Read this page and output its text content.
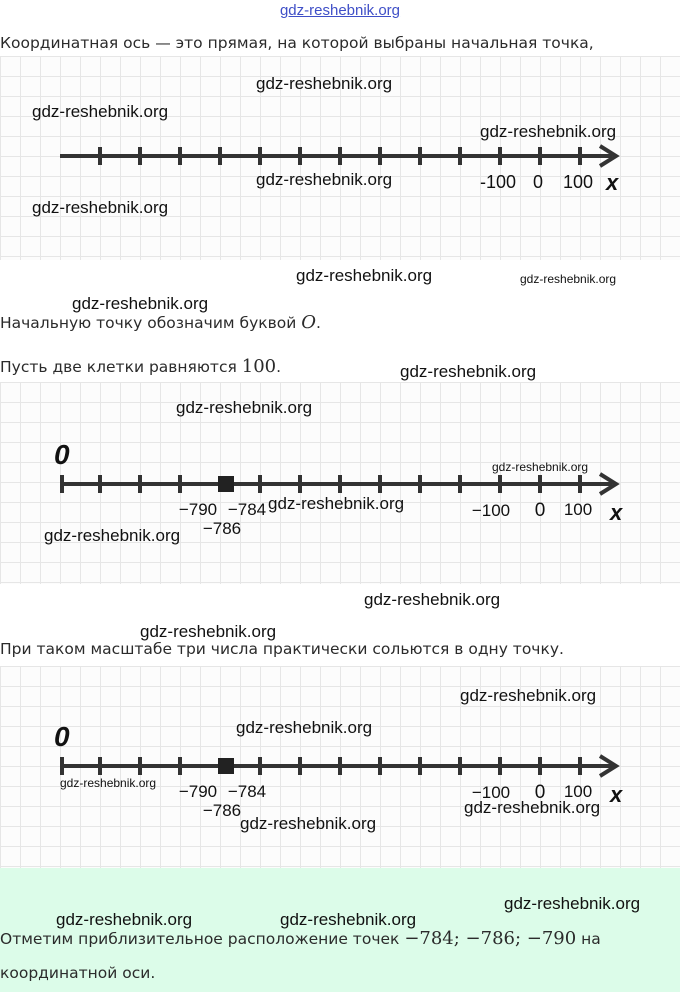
gdz-reshebnik.org
Координатная ось — это прямая, на которой выбраны начальная точка,
-100 0 100 x
Начальную точку обозначим буквой O.
Пусть две клетки равняются 100.
0
−790 −784
−786
−100 0 100 x
При таком масштабе три числа практически сольются в одну точку.
0
−790 −784
−786
−100 0 100 x
Отметим приблизительное расположение точек −784; −786; −790 на
координатной оси.
gdz-reshebnik.org
gdz-reshebnik.org
gdz-reshebnik.org
gdz-reshebnik.org
gdz-reshebnik.org
gdz-reshebnik.org	gdz-reshebnik.org
gdz-reshebnik.org
gdz-reshebnik.org
gdz-reshebnik.org
gdz-reshebnik.org
gdz-reshebnik.org
gdz-reshebnik.org
gdz-reshebnik.org
gdz-reshebnik.org
gdz-reshebnik.org
gdz-reshebnik.org
gdz-reshebnik.org
gdz-reshebnik.org
gdz-reshebnik.org
gdz-reshebnik.org
gdz-reshebnik.org	gdz-reshebnik.org
